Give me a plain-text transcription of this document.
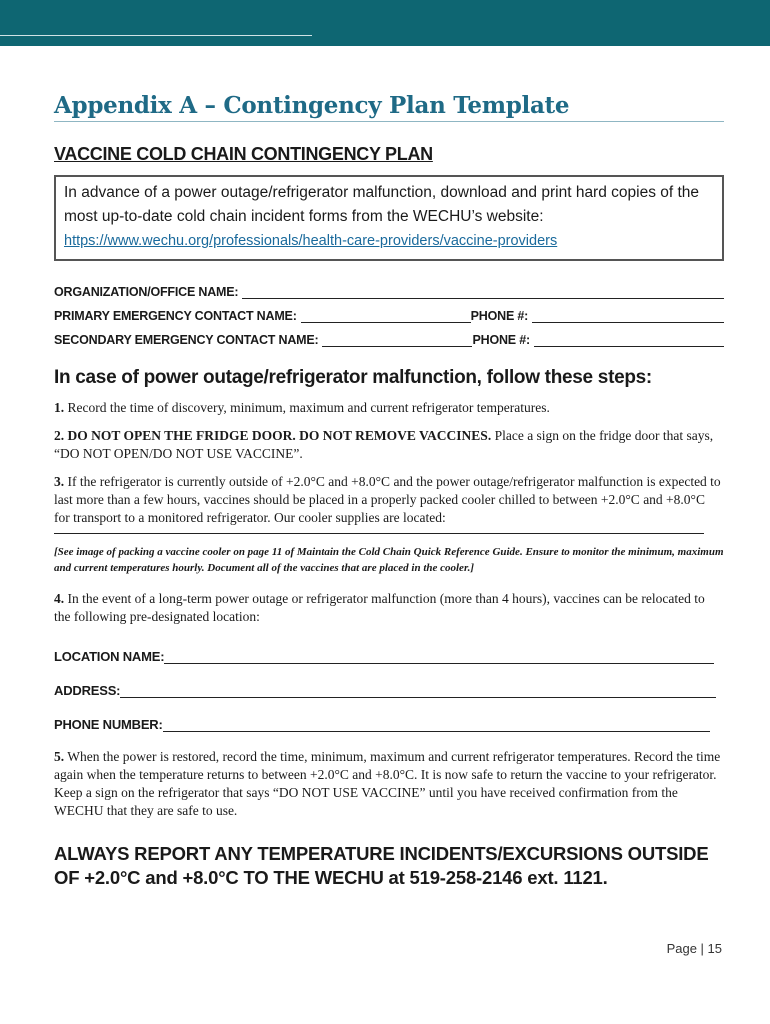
Appendix A – Contingency Plan Template
VACCINE COLD CHAIN CONTINGENCY PLAN
In advance of a power outage/refrigerator malfunction, download and print hard copies of the most up-to-date cold chain incident forms from the WECHU’s website:
https://www.wechu.org/professionals/health-care-providers/vaccine-providers
ORGANIZATION/OFFICE NAME:
PRIMARY EMERGENCY CONTACT NAME:	PHONE #:
SECONDARY EMERGENCY CONTACT NAME:	PHONE #:
In case of power outage/refrigerator malfunction, follow these steps:
1. Record the time of discovery, minimum, maximum and current refrigerator temperatures.
2. DO NOT OPEN THE FRIDGE DOOR. DO NOT REMOVE VACCINES. Place a sign on the fridge door that says, “DO NOT OPEN/DO NOT USE VACCINE”.
3. If the refrigerator is currently outside of +2.0°C and +8.0°C and the power outage/refrigerator malfunction is expected to last more than a few hours, vaccines should be placed in a properly packed cooler chilled to between +2.0°C and +8.0°C for transport to a monitored refrigerator. Our cooler supplies are located:
[See image of packing a vaccine cooler on page 11 of Maintain the Cold Chain Quick Reference Guide. Ensure to monitor the minimum, maximum and current temperatures hourly. Document all of the vaccines that are placed in the cooler.]
4. In the event of a long-term power outage or refrigerator malfunction (more than 4 hours), vaccines can be relocated to the following pre-designated location:
LOCATION NAME:
ADDRESS:
PHONE NUMBER:
5. When the power is restored, record the time, minimum, maximum and current refrigerator temperatures. Record the time again when the temperature returns to between +2.0°C and +8.0°C. It is now safe to return the vaccine to your refrigerator. Keep a sign on the refrigerator that says “DO NOT USE VACCINE” until you have received confirmation from the WECHU that they are safe to use.
ALWAYS REPORT ANY TEMPERATURE INCIDENTS/EXCURSIONS OUTSIDE OF +2.0°C and +8.0°C TO THE WECHU at 519-258-2146 ext. 1121.
Page | 15
